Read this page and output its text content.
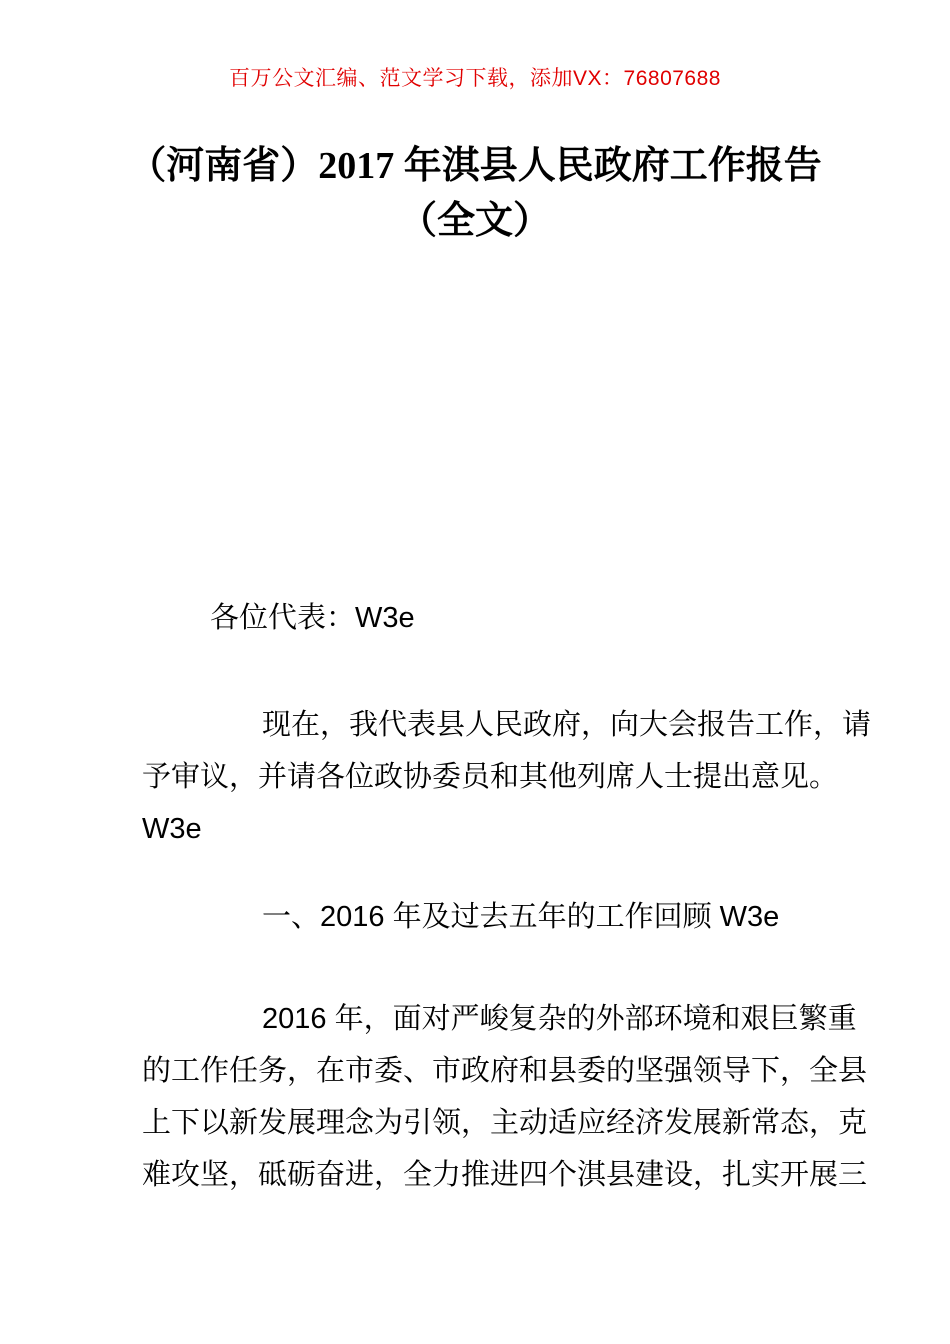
百万公文汇编、范文学习下载，添加VX：76807688
（河南省）2017 年淇县人民政府工作报告
（全文）
各位代表：W3e
现在，我代表县人民政府，向大会报告工作，请
予审议，并请各位政协委员和其他列席人士提出意见。
W3e
一、2016 年及过去五年的工作回顾 W3e
2016 年，面对严峻复杂的外部环境和艰巨繁重
的工作任务，在市委、市政府和县委的坚强领导下，全县
上下以新发展理念为引领，主动适应经济发展新常态，克
难攻坚，砥砺奋进，全力推进四个淇县建设，扎实开展三
